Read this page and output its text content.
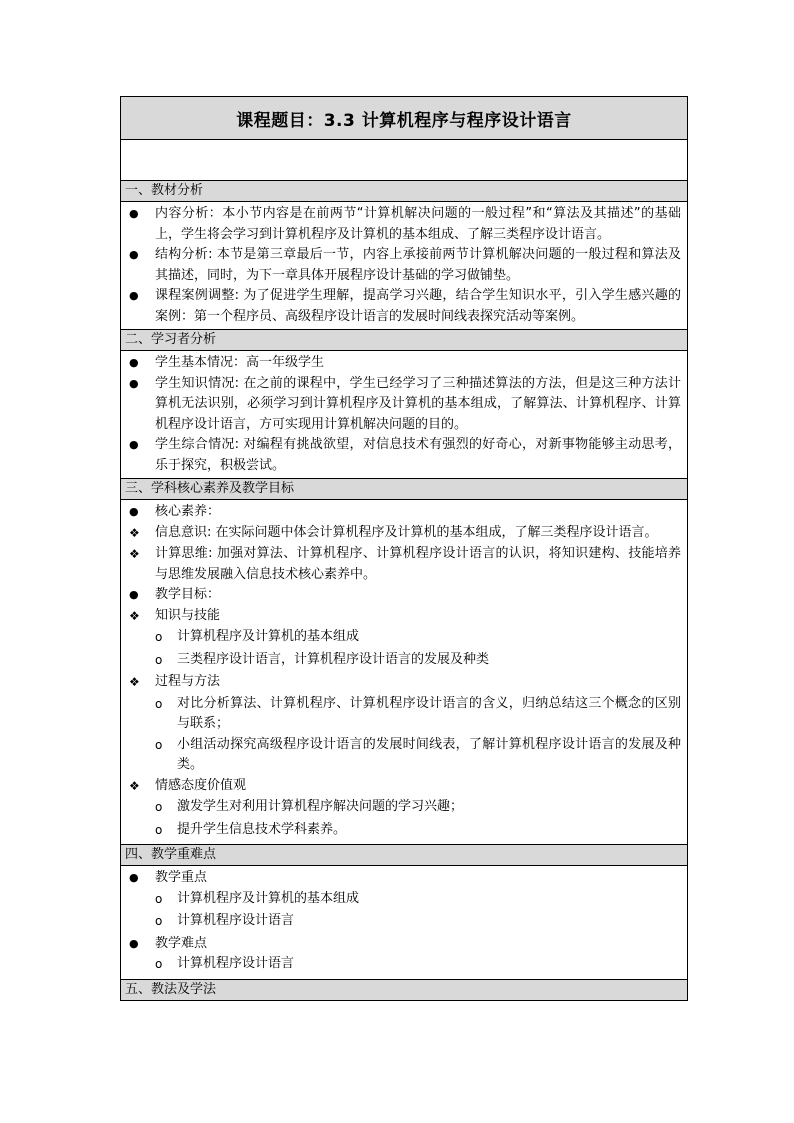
课程题目：3.3 计算机程序与程序设计语言
一、教材分析
●
内容分析：本小节内容是在前两节“计算机解决问题的一般过程”和“算法及其描述”的基础上，学生将会学习到计算机程序及计算机的基本组成、了解三类程序设计语言。
●
结构分析: 本节是第三章最后一节，内容上承接前两节计算机解决问题的一般过程和算法及其描述，同时，为下一章具体开展程序设计基础的学习做铺垫。
●
课程案例调整: 为了促进学生理解，提高学习兴趣，结合学生知识水平，引入学生感兴趣的案例：第一个程序员、高级程序设计语言的发展时间线表探究活动等案例。
二、学习者分析
●
学生基本情况：高一年级学生
●
学生知识情况: 在之前的课程中，学生已经学习了三种描述算法的方法，但是这三种方法计算机无法识别，必须学习到计算机程序及计算机的基本组成，了解算法、计算机程序、计算机程序设计语言，方可实现用计算机解决问题的目的。
●
学生综合情况: 对编程有挑战欲望，对信息技术有强烈的好奇心，对新事物能够主动思考，乐于探究，积极尝试。
三、学科核心素养及教学目标
●
核心素养：
❖
信息意识: 在实际问题中体会计算机程序及计算机的基本组成，了解三类程序设计语言。
❖
计算思维: 加强对算法、计算机程序、计算机程序设计语言的认识，将知识建构、技能培养与思维发展融入信息技术核心素养中。
●
教学目标：
❖
知识与技能
o
计算机程序及计算机的基本组成
o
三类程序设计语言，计算机程序设计语言的发展及种类
❖
过程与方法
o
对比分析算法、计算机程序、计算机程序设计语言的含义，归纳总结这三个概念的区别与联系；
o
小组活动探究高级程序设计语言的发展时间线表，了解计算机程序设计语言的发展及种类。
❖
情感态度价值观
o
激发学生对利用计算机程序解决问题的学习兴趣；
o
提升学生信息技术学科素养。
四、教学重难点
●
教学重点
o
计算机程序及计算机的基本组成
o
计算机程序设计语言
●
教学难点
o
计算机程序设计语言
五、教法及学法
